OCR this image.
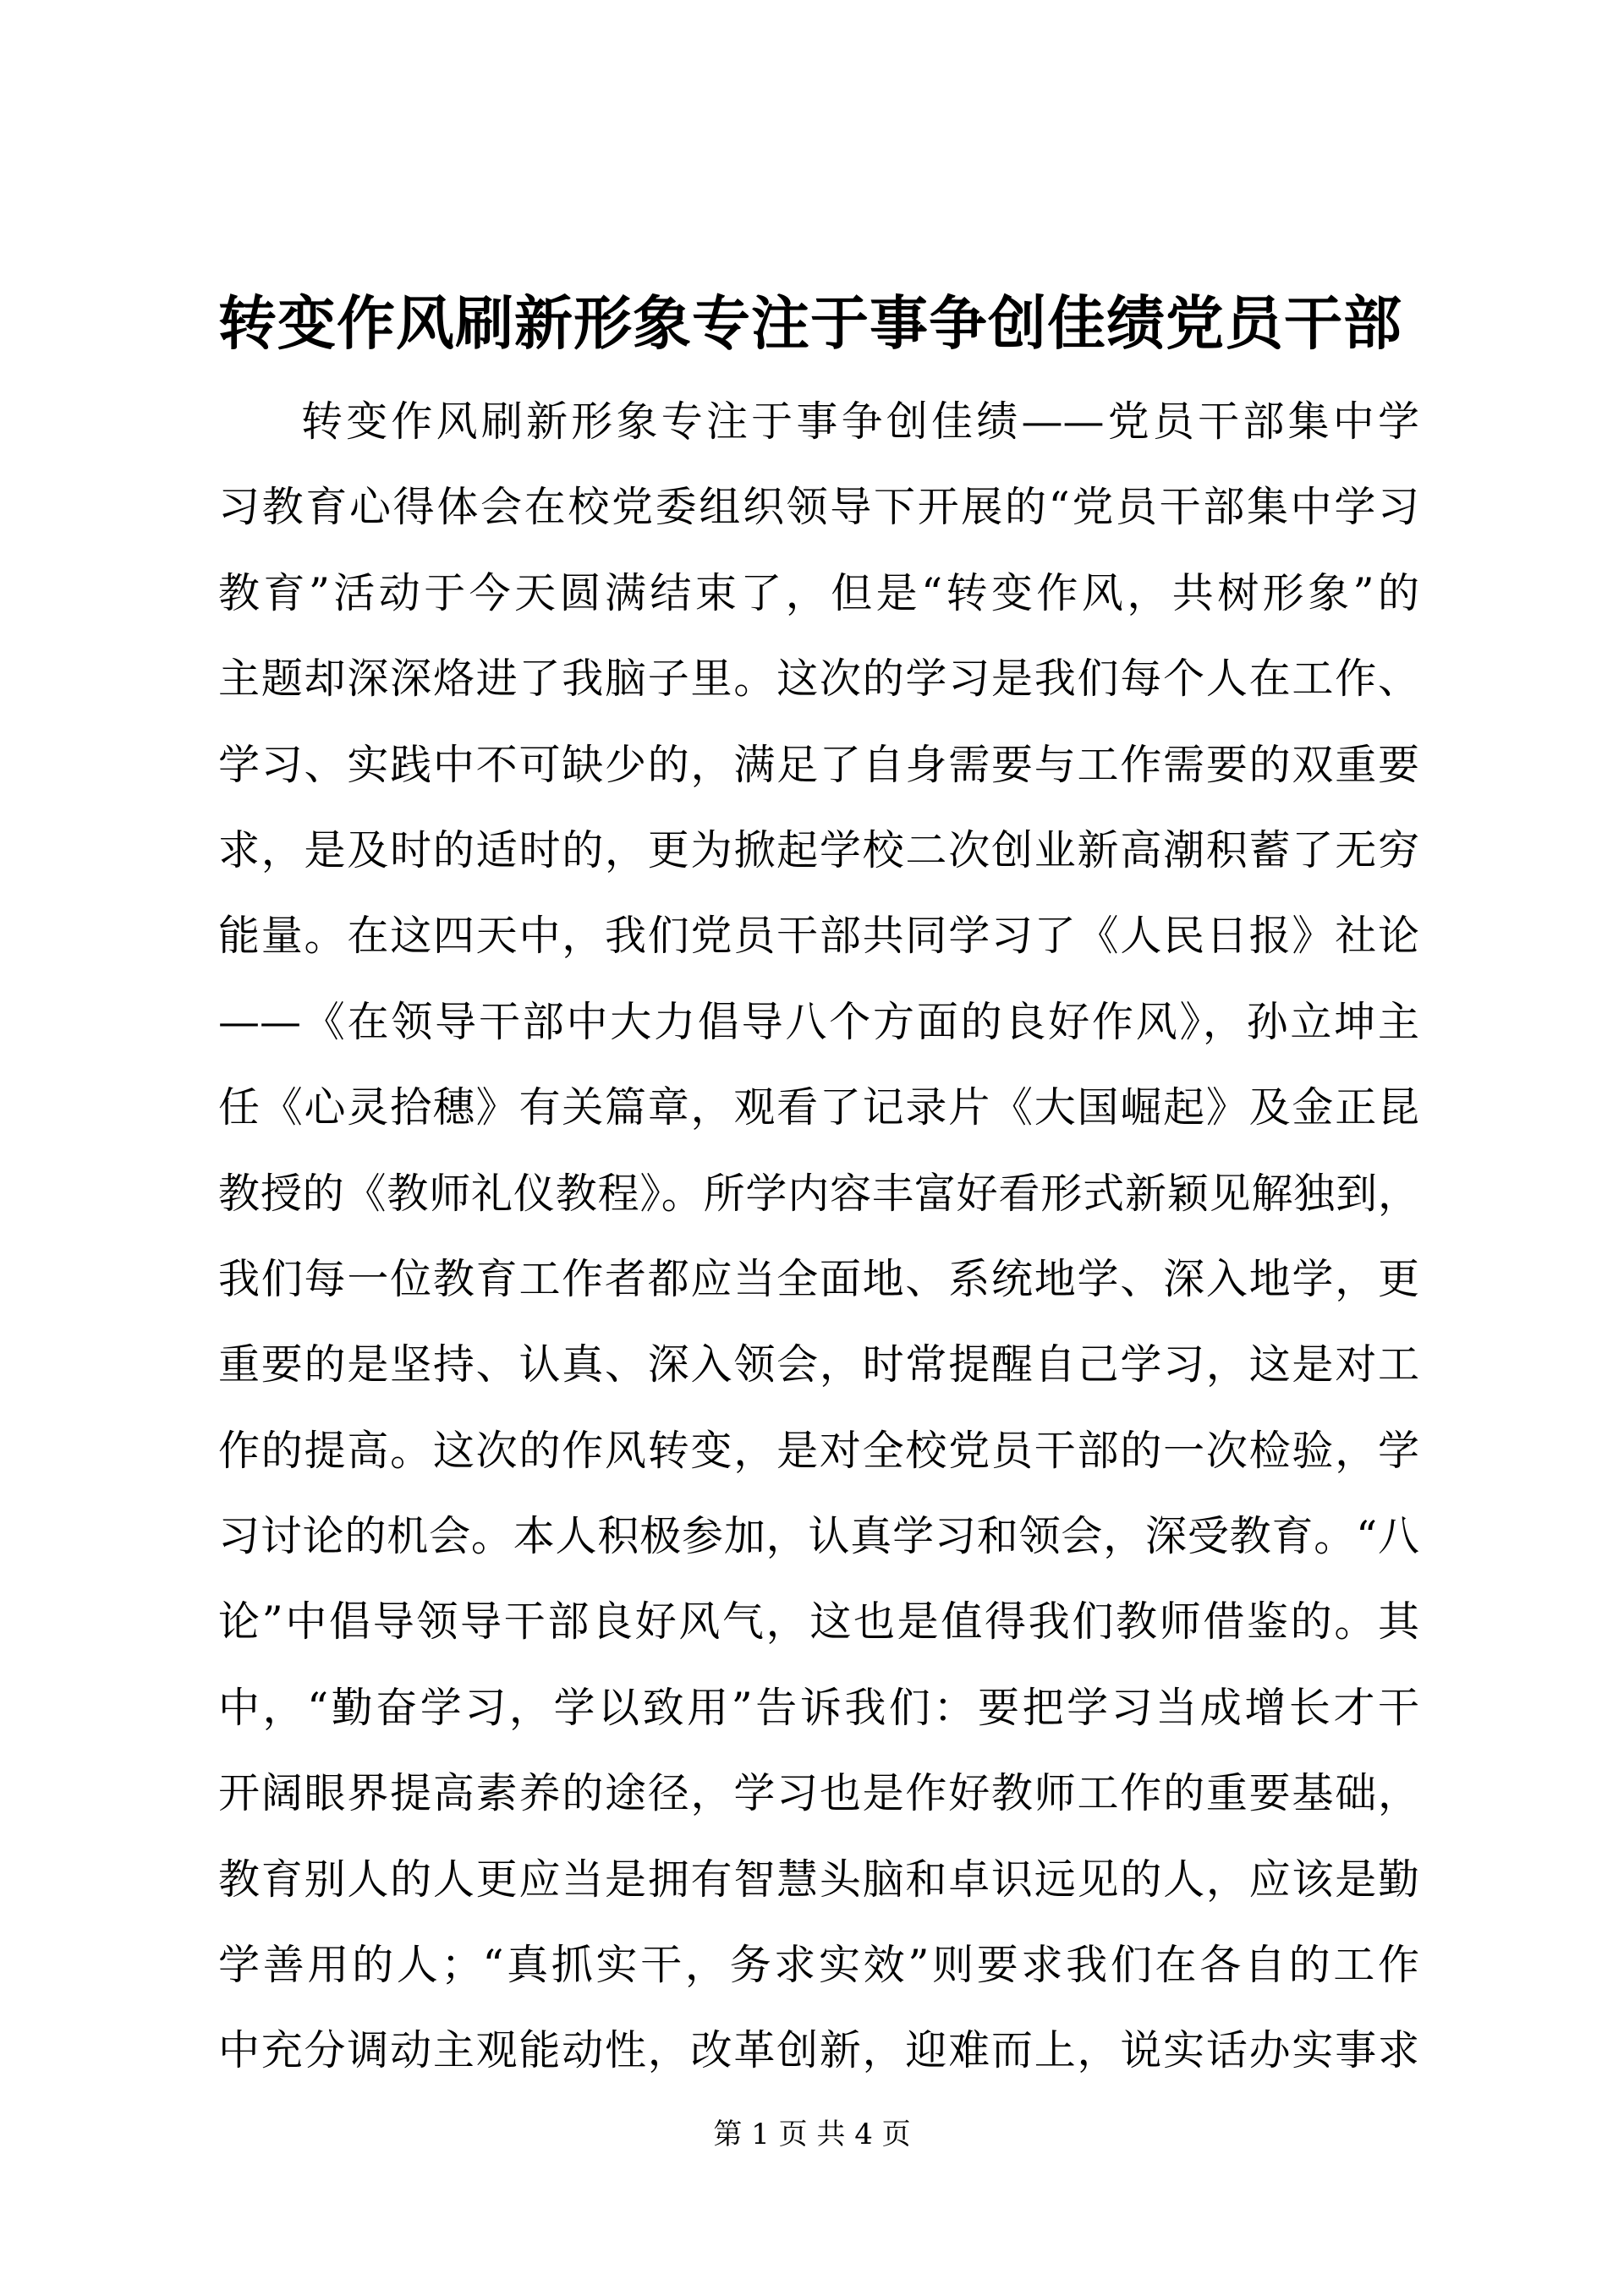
转变作风刷新形象专注于事争创佳绩党员干部
转变作风刷新形象专注于事争创佳绩——党员干部集中学
习教育心得体会在校党委组织领导下开展的“党员干部集中学习
教育”活动于今天圆满结束了，但是“转变作风，共树形象”的
主题却深深烙进了我脑子里。这次的学习是我们每个人在工作、
学习、实践中不可缺少的，满足了自身需要与工作需要的双重要
求，是及时的适时的，更为掀起学校二次创业新高潮积蓄了无穷
能量。在这四天中，我们党员干部共同学习了《人民日报》社论
——《在领导干部中大力倡导八个方面的良好作风》，孙立坤主
任《心灵拾穗》有关篇章，观看了记录片《大国崛起》及金正昆
教授的《教师礼仪教程》。所学内容丰富好看形式新颖见解独到，
我们每一位教育工作者都应当全面地、系统地学、深入地学，更
重要的是坚持、认真、深入领会，时常提醒自己学习，这是对工
作的提高。这次的作风转变，是对全校党员干部的一次检验，学
习讨论的机会。本人积极参加，认真学习和领会，深受教育。“八
论”中倡导领导干部良好风气，这也是值得我们教师借鉴的。其
中，“勤奋学习，学以致用”告诉我们：要把学习当成增长才干
开阔眼界提高素养的途径，学习也是作好教师工作的重要基础，
教育别人的人更应当是拥有智慧头脑和卓识远见的人，应该是勤
学善用的人；“真抓实干，务求实效”则要求我们在各自的工作
中充分调动主观能动性，改革创新，迎难而上，说实话办实事求
第 1 页 共 4 页
